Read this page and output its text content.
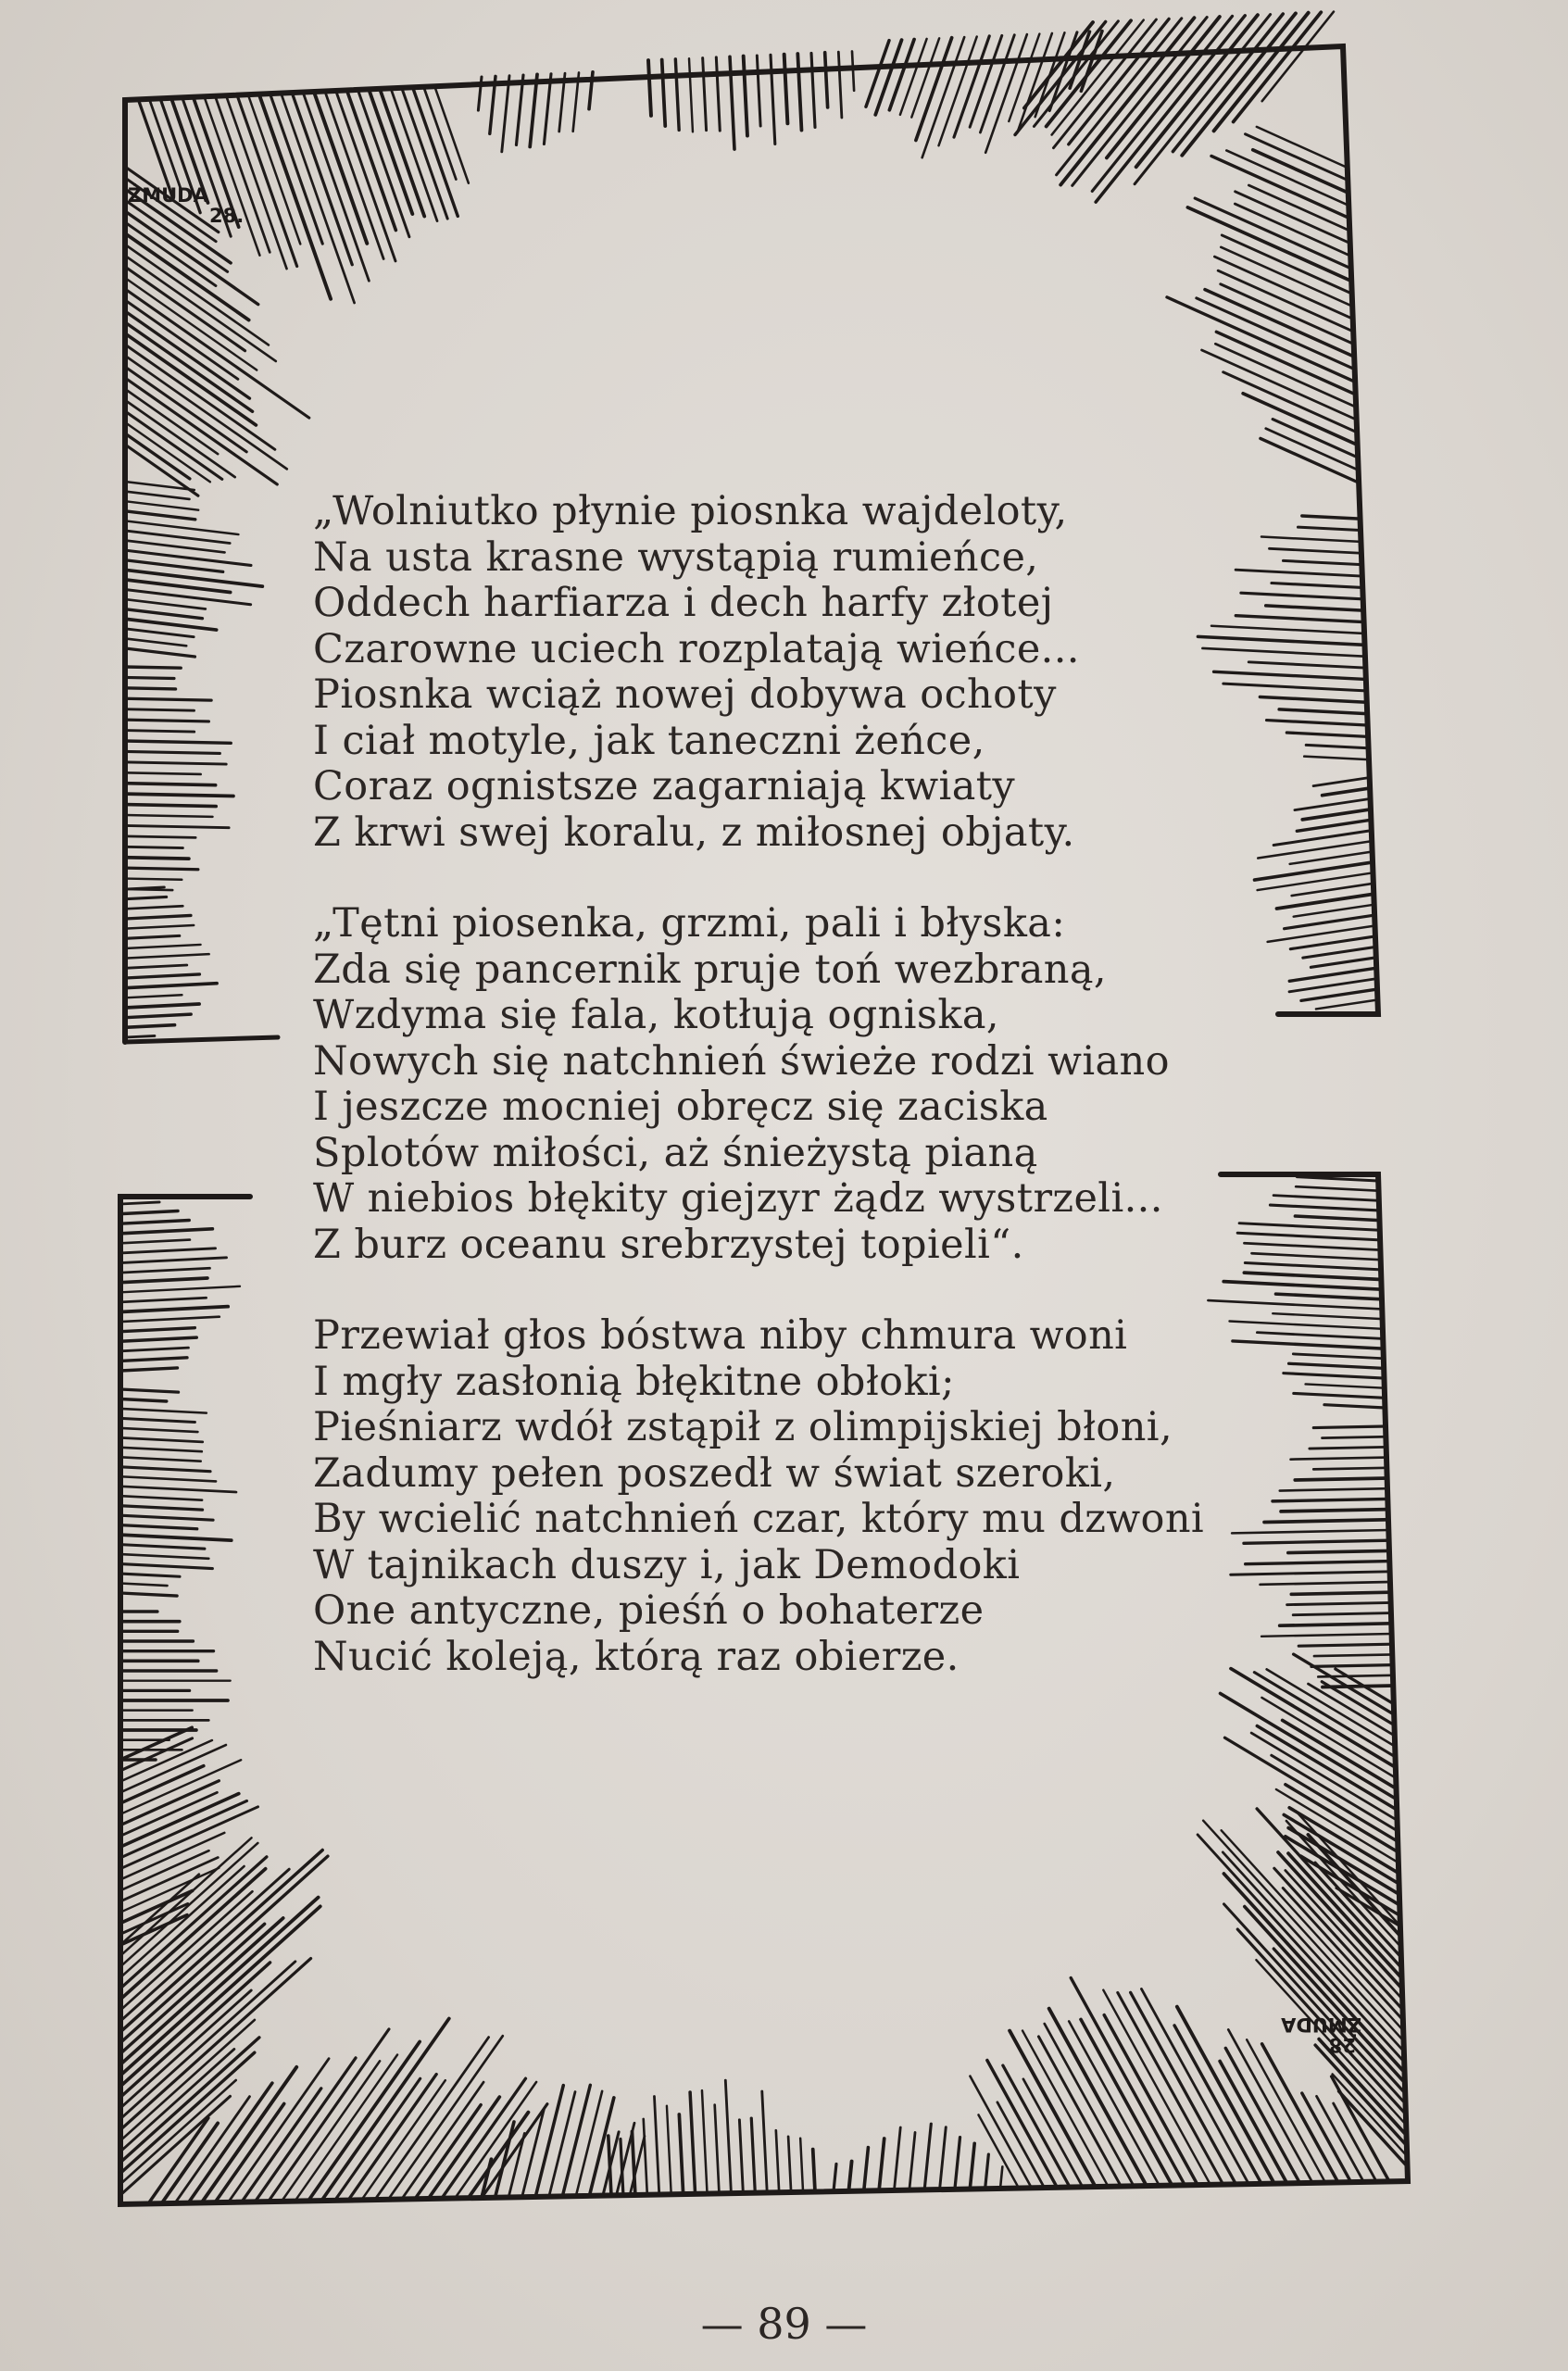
ŻMUDA
28.
„Wolniutko płynie piosnka wajdeloty,
Na usta krasne wystąpią rumieńce,
Oddech harfiarza i dech harfy złotej
Czarowne uciech rozplatają wieńce...
Piosnka wciąż nowej dobywa ochoty
I ciał motyle, jak taneczni żeńce,
Coraz ognistsze zagarniają kwiaty
Z krwi swej koralu, z miłosnej objaty.
„Tętni piosenka, grzmi, pali i błyska:
Zda się pancernik pruje toń wezbraną,
Wzdyma się fala, kotłują ogniska,
Nowych się natchnień świeże rodzi wiano
I jeszcze mocniej obręcz się zaciska
Splotów miłości, aż śnieżystą pianą
W niebios błękity giejzyr żądz wystrzeli...
Z burz oceanu srebrzystej topieli“.
Przewiał głos bóstwa niby chmura woni
I mgły zasłonią błękitne obłoki;
Pieśniarz wdół zstąpił z olimpijskiej błoni,
Zadumy pełen poszedł w świat szeroki,
By wcielić natchnień czar, który mu dzwoni
W tajnikach duszy i, jak Demodoki
One antyczne, pieśń o bohaterze
Nucić koleją, którą raz obierze.
28
ŻMUDA
— 89 —
